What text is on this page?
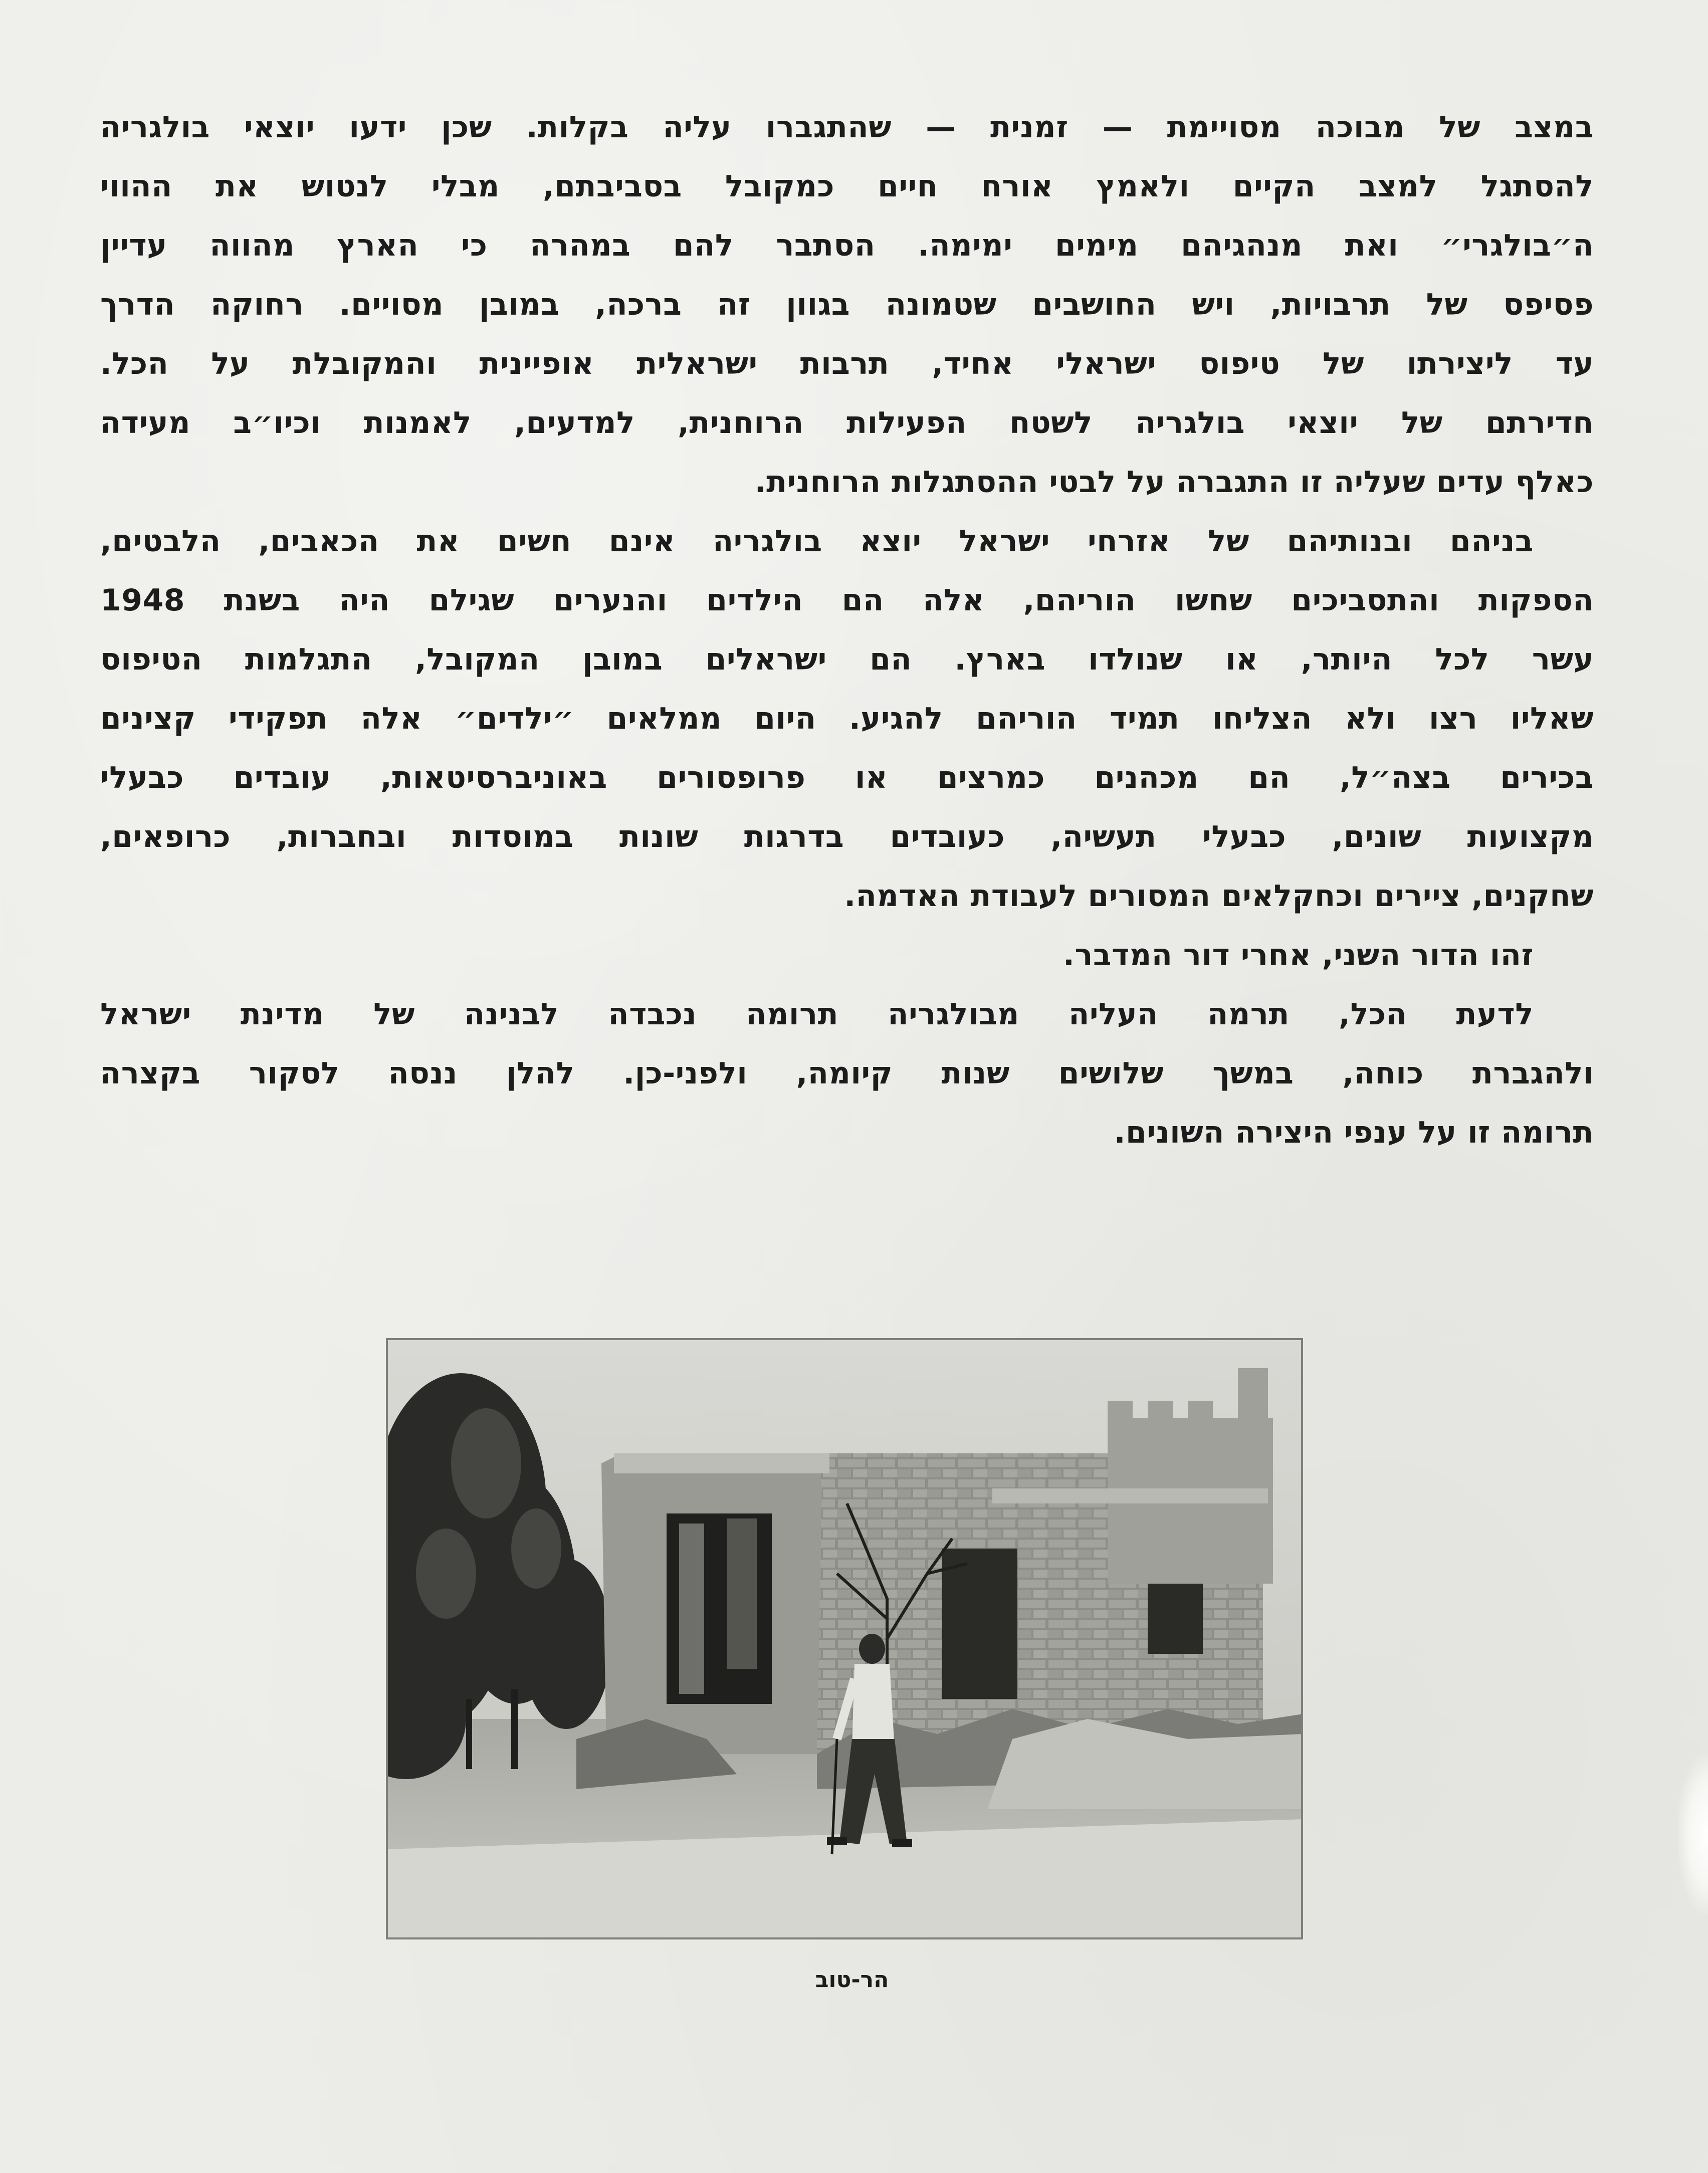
במצב של מבוכה מסויימת — זמנית — שהתגברו עליה בקלות. שכן ידעו יוצאי בולגריה
להסתגל למצב הקיים ולאמץ אורח חיים כמקובל בסביבתם, מבלי לנטוש את ההווי
ה״בולגרי״ ואת מנהגיהם מימים ימימה. הסתבר להם במהרה כי הארץ מהווה עדיין
פסיפס של תרבויות, ויש החושבים שטמונה בגוון זה ברכה, במובן מסויים. רחוקה הדרך
עד ליצירתו של טיפוס ישראלי אחיד, תרבות ישראלית אופיינית והמקובלת על הכל.
חדירתם של יוצאי בולגריה לשטח הפעילות הרוחנית, למדעים, לאמנות וכיו״ב מעידה
כאלף עדים שעליה זו התגברה על לבטי ההסתגלות הרוחנית.
בניהם ובנותיהם של אזרחי ישראל יוצא בולגריה אינם חשים את הכאבים, הלבטים,
הספקות והתסביכים שחשו הוריהם, אלה הם הילדים והנערים שגילם היה בשנת 1948
עשר לכל היותר, או שנולדו בארץ. הם ישראלים במובן המקובל, התגלמות הטיפוס
שאליו רצו ולא הצליחו תמיד הוריהם להגיע. היום ממלאים ״ילדים״ אלה תפקידי קצינים
בכירים בצה״ל, הם מכהנים כמרצים או פרופסורים באוניברסיטאות, עובדים כבעלי
מקצועות שונים, כבעלי תעשיה, כעובדים בדרגות שונות במוסדות ובחברות, כרופאים,
שחקנים, ציירים וכחקלאים המסורים לעבודת האדמה.
זהו הדור השני, אחרי דור המדבר.
לדעת הכל, תרמה העליה מבולגריה תרומה נכבדה לבנינה של מדינת ישראל
ולהגברת כוחה, במשך שלושים שנות קיומה, ולפני-כן. להלן ננסה לסקור בקצרה
תרומה זו על ענפי היצירה השונים.
הר-טוב
